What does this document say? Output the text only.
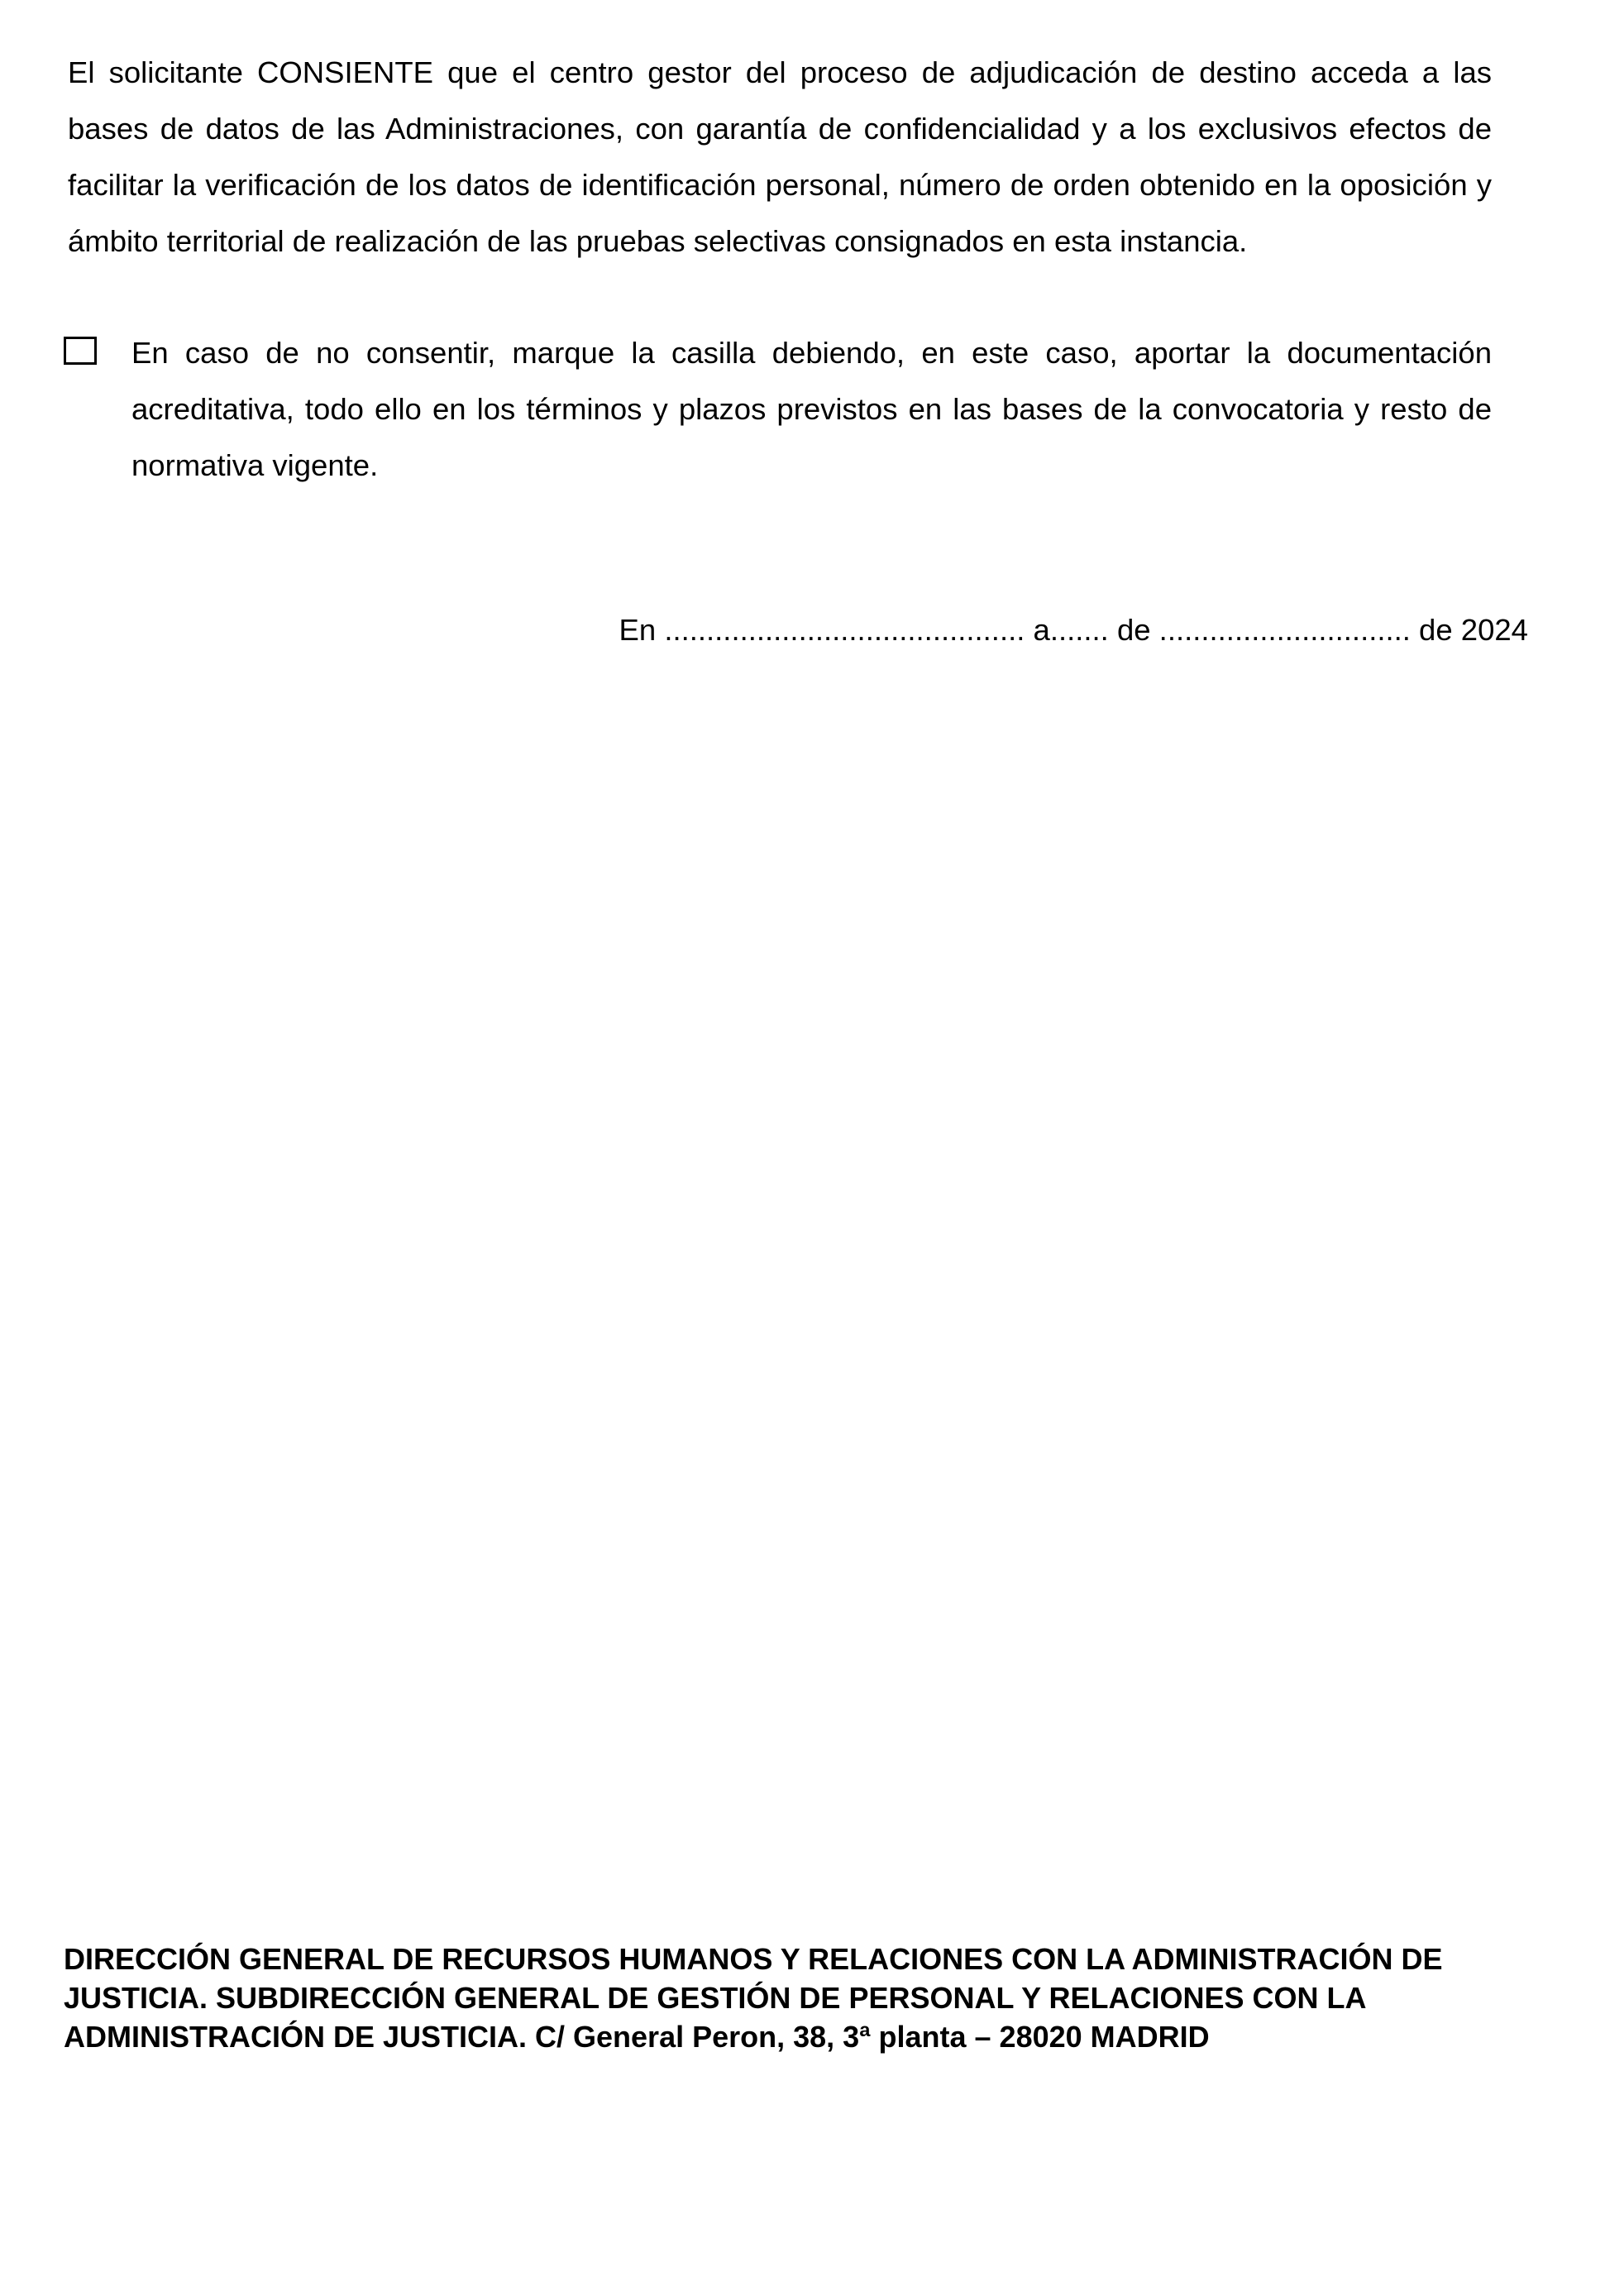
El solicitante CONSIENTE que el centro gestor del proceso de adjudicación de destino acceda a las bases de datos de las Administraciones, con garantía de confidencialidad y a los exclusivos efectos de facilitar la verificación de los datos de identificación personal, número de orden obtenido en la oposición y ámbito territorial de realización de las pruebas selectivas consignados en esta instancia.

En caso de no consentir, marque la casilla debiendo, en este caso, aportar la documentación acreditativa, todo ello en los términos y plazos previstos en las bases de la convocatoria y resto de normativa vigente.

En ........................................... a....... de .............................. de 2024

DIRECCIÓN GENERAL DE RECURSOS HUMANOS Y RELACIONES CON LA ADMINISTRACIÓN DE JUSTICIA. SUBDIRECCIÓN GENERAL DE GESTIÓN DE PERSONAL Y RELACIONES CON LA ADMINISTRACIÓN DE JUSTICIA. C/ General Peron, 38, 3ª planta – 28020 MADRID
